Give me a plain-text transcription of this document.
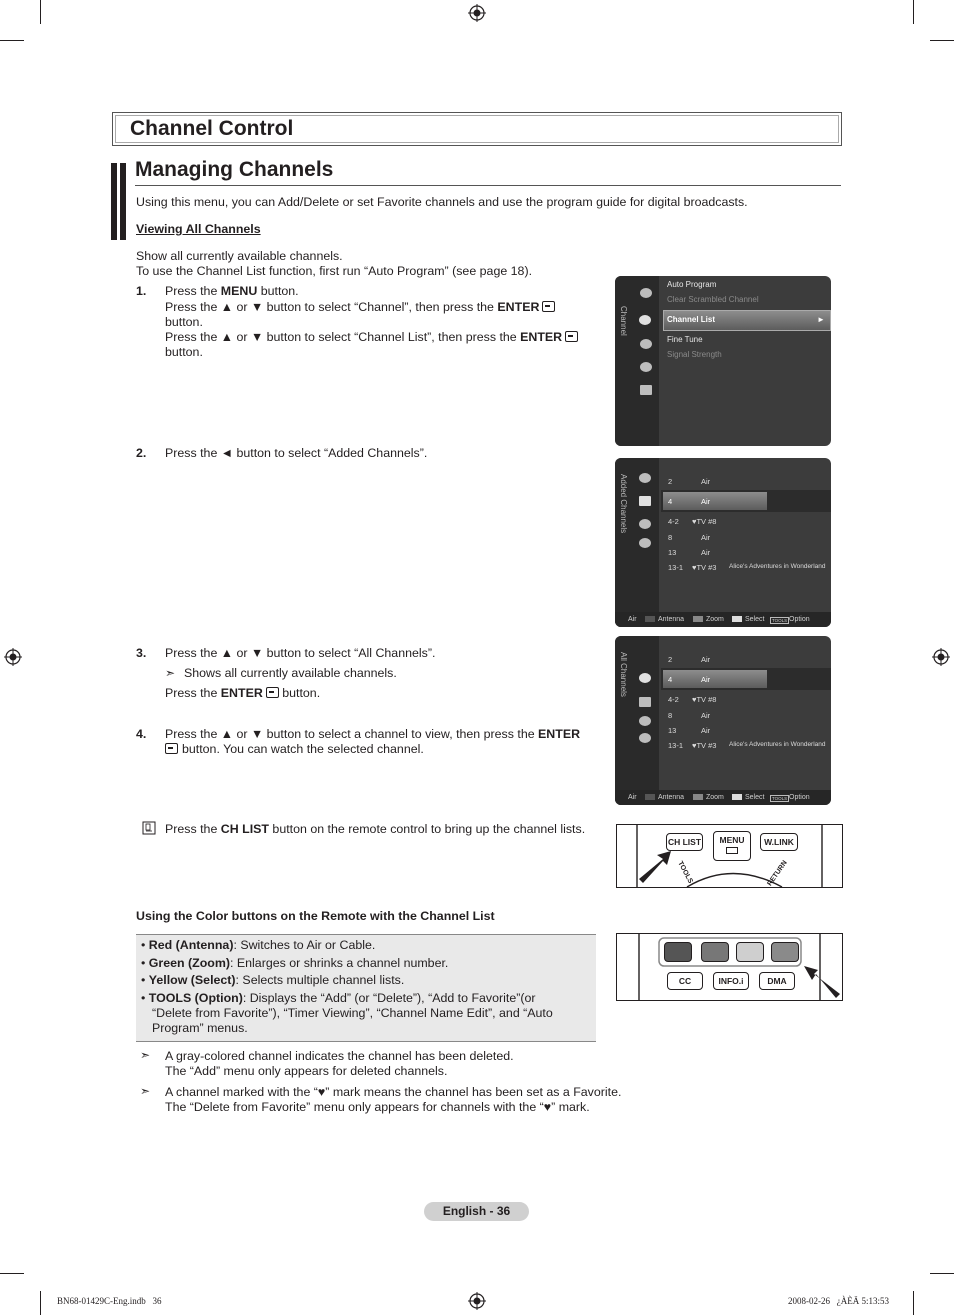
Channel Control
Managing Channels
Using this menu, you can Add/Delete or set Favorite channels and use the program guide for digital broadcasts.
Viewing All Channels
Show all currently available channels.
To use the Channel List function, first run “Auto Program” (see page 18).
1. Press the MENU button.
Press the ▲ or ▼ button to select “Channel”, then press the ENTER
button.
Press the ▲ or ▼ button to select “Channel List”, then press the ENTER
button.
2. Press the ◄ button to select “Added Channels”.
3. Press the ▲ or ▼ button to select “All Channels”.
➣ Shows all currently available channels.
Press the ENTER button.
4. Press the ▲ or ▼ button to select a channel to view, then press the ENTER
button. You can watch the selected channel.
Press the CH LIST button on the remote control to bring up the channel lists.
Channel
Auto Program
Clear Scrambled Channel
Channel List	►
Fine Tune
Signal Strength
Added Channels	2	Air
4	Air
4-2 ♥TV #8
8	Air
13	Air
13-1 ♥TV #3 Alice's Adventures in Wonderland
Air	Antenna	Zoom	Select	TOOLS Option
All Channels	2	Air
4	Air
4-2 ♥TV #8
8	Air
13	Air
13-1 ♥TV #3 Alice's Adventures in Wonderland
Air	Antenna	Zoom	Select	TOOLS Option
CH LIST	MENU	W.LINK
TOOLS	RETURN
CC	INFO.i	DMA
Using the Color buttons on the Remote with the Channel List
• Red (Antenna): Switches to Air or Cable.
• Green (Zoom): Enlarges or shrinks a channel number.
• Yellow (Select): Selects multiple channel lists.
• TOOLS (Option): Displays the “Add” (or “Delete”), “Add to Favorite”(or
“Delete from Favorite”), “Timer Viewing”, “Channel Name Edit”, and “Auto
Program” menus.
➣ A gray-colored channel indicates the channel has been deleted.
The “Add” menu only appears for deleted channels.
➣ A channel marked with the “♥” mark means the channel has been set as a Favorite.
The “Delete from Favorite” menu only appears for channels with the “♥” mark.
English - 36
BN68-01429C-Eng.indb   36	2008-02-26   ¿ÀÈÄ 5:13:53
